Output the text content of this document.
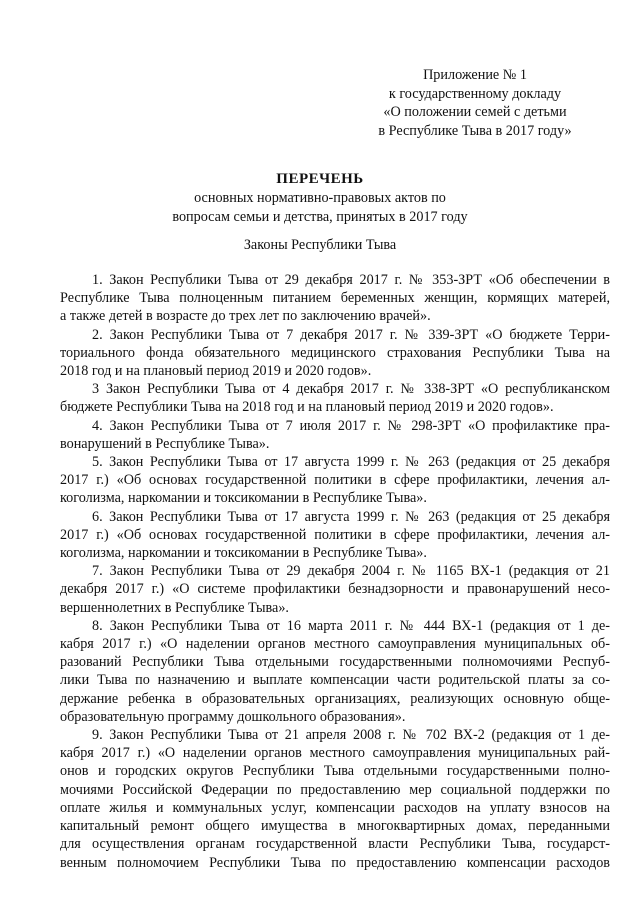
Приложение № 1
к государственному докладу
«О положении семей с детьми
в Республике Тыва в 2017 году»
ПЕРЕЧЕНЬ
основных нормативно-правовых актов по
вопросам семьи и детства, принятых в 2017 году
Законы Республики Тыва

1. Закон Республики Тыва от 29 декабря 2017 г. № 353-ЗРТ «Об обеспечении в

Республике Тыва полноценным питанием беременных женщин, кормящих матерей,

а также детей в возрасте до трех лет по заключению врачей».

2. Закон Республики Тыва от 7 декабря 2017 г. № 339-ЗРТ «О бюджете Терри-

ториального фонда обязательного медицинского страхования Республики Тыва на

2018 год и на плановый период 2019 и 2020 годов».

3 Закон Республики Тыва от 4 декабря 2017 г. № 338-ЗРТ «О республиканском

бюджете Республики Тыва на 2018 год и на плановый период 2019 и 2020 годов».

4. Закон Республики Тыва от 7 июля 2017 г. № 298-ЗРТ «О профилактике пра-

вонарушений в Республике Тыва».

5. Закон Республики Тыва от 17 августа 1999 г. № 263 (редакция от 25 декабря

2017 г.) «Об основах государственной политики в сфере профилактики, лечения ал-

коголизма, наркомании и токсикомании в Республике Тыва».

6. Закон Республики Тыва от 17 августа 1999 г. № 263 (редакция от 25 декабря

2017 г.) «Об основах государственной политики в сфере профилактики, лечения ал-

коголизма, наркомании и токсикомании в Республике Тыва».

7. Закон Республики Тыва от 29 декабря 2004 г. № 1165 ВХ-1 (редакция от 21

декабря 2017 г.) «О системе профилактики безнадзорности и правонарушений несо-

вершеннолетних в Республике Тыва».

8. Закон Республики Тыва от 16 марта 2011 г. № 444 ВХ-1 (редакция от 1 де-

кабря 2017 г.) «О наделении органов местного самоуправления муниципальных об-

разований Республики Тыва отдельными государственными полномочиями Респуб-

лики Тыва по назначению и выплате компенсации части родительской платы за со-

держание ребенка в образовательных организациях, реализующих основную обще-

образовательную программу дошкольного образования».

9. Закон Республики Тыва от 21 апреля 2008 г. № 702 ВХ-2 (редакция от 1 де-

кабря 2017 г.) «О наделении органов местного самоуправления муниципальных рай-

онов и городских округов Республики Тыва отдельными государственными полно-

мочиями Российской Федерации по предоставлению мер социальной поддержки по

оплате жилья и коммунальных услуг, компенсации расходов на уплату взносов на

капитальный ремонт общего имущества в многоквартирных домах, переданными

для осуществления органам государственной власти Республики Тыва, государст-

венным полномочием Республики Тыва по предоставлению компенсации расходов
